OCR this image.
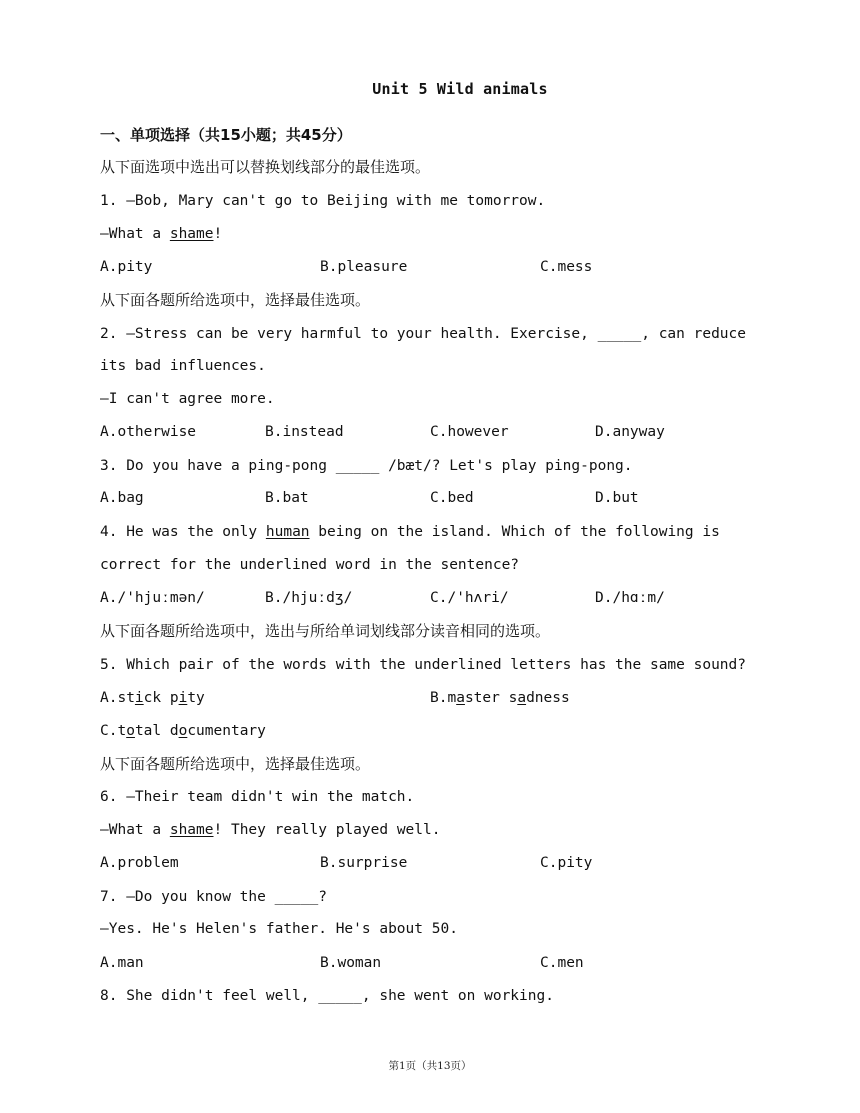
Unit 5 Wild animals
一、单项选择（共15小题；共45分）
从下面选项中选出可以替换划线部分的最佳选项。
1. —Bob, Mary can't go to Beijing with me tomorrow.
—What a shame!
A.pity	B.pleasure	C.mess
从下面各题所给选项中，选择最佳选项。
2. —Stress can be very harmful to your health. Exercise, _____, can reduce
its bad influences.
—I can't agree more.
A.otherwise	B.instead	C.however	D.anyway
3. Do you have a ping-pong _____ /bæt/? Let's play ping-pong.
A.bag	B.bat	C.bed	D.but
4. He was the only human being on the island. Which of the following is
correct for the underlined word in the sentence?
A./'hjuːmən/	B./hjuːdʒ/	C./'hʌri/	D./hɑːm/
从下面各题所给选项中，选出与所给单词划线部分读音相同的选项。
5. Which pair of the words with the underlined letters has the same sound?
A.stick pity	B.master sadness
C.total documentary
从下面各题所给选项中，选择最佳选项。
6. —Their team didn't win the match.
—What a shame! They really played well.
A.problem	B.surprise	C.pity
7. —Do you know the _____?
—Yes. He's Helen's father. He's about 50.
A.man	B.woman	C.men
8. She didn't feel well, _____, she went on working.
第1页（共13页）
